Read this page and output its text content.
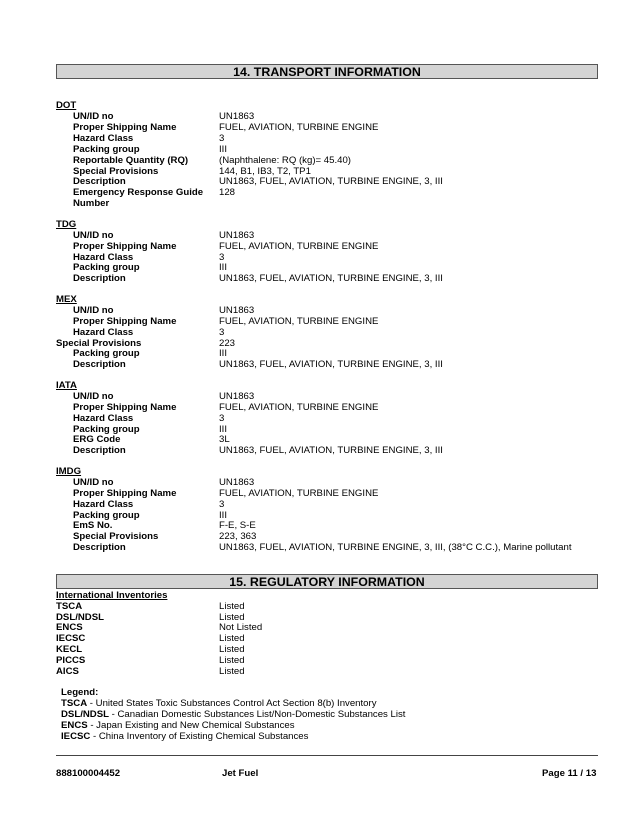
14. TRANSPORT INFORMATION
DOT
UN/ID no	UN1863
Proper Shipping Name	FUEL, AVIATION, TURBINE ENGINE
Hazard Class	3
Packing group	III
Reportable Quantity (RQ)	(Naphthalene: RQ (kg)= 45.40)
Special Provisions	144, B1, IB3, T2, TP1
Description	UN1863, FUEL, AVIATION, TURBINE ENGINE, 3, III
Emergency Response Guide	128
Number
TDG
UN/ID no	UN1863
Proper Shipping Name	FUEL, AVIATION, TURBINE ENGINE
Hazard Class	3
Packing group	III
Description	UN1863, FUEL, AVIATION, TURBINE ENGINE, 3, III
MEX
UN/ID no	UN1863
Proper Shipping Name	FUEL, AVIATION, TURBINE ENGINE
Hazard Class	3
Special Provisions	223
Packing group	III
Description	UN1863, FUEL, AVIATION, TURBINE ENGINE, 3, III
IATA
UN/ID no	UN1863
Proper Shipping Name	FUEL, AVIATION, TURBINE ENGINE
Hazard Class	3
Packing group	III
ERG Code	3L
Description	UN1863, FUEL, AVIATION, TURBINE ENGINE, 3, III
IMDG
UN/ID no	UN1863
Proper Shipping Name	FUEL, AVIATION, TURBINE ENGINE
Hazard Class	3
Packing group	III
EmS No.	F-E, S-E
Special Provisions	223, 363
Description	UN1863, FUEL, AVIATION, TURBINE ENGINE, 3, III, (38°C C.C.), Marine pollutant
15. REGULATORY INFORMATION
International Inventories
TSCA	Listed
DSL/NDSL	Listed
ENCS	Not Listed
IECSC	Listed
KECL	Listed
PICCS	Listed
AICS	Listed
Legend:
TSCA - United States Toxic Substances Control Act Section 8(b) Inventory
DSL/NDSL - Canadian Domestic Substances List/Non-Domestic Substances List
ENCS - Japan Existing and New Chemical Substances
IECSC - China Inventory of Existing Chemical Substances
888100004452	Jet Fuel	Page 11 / 13
